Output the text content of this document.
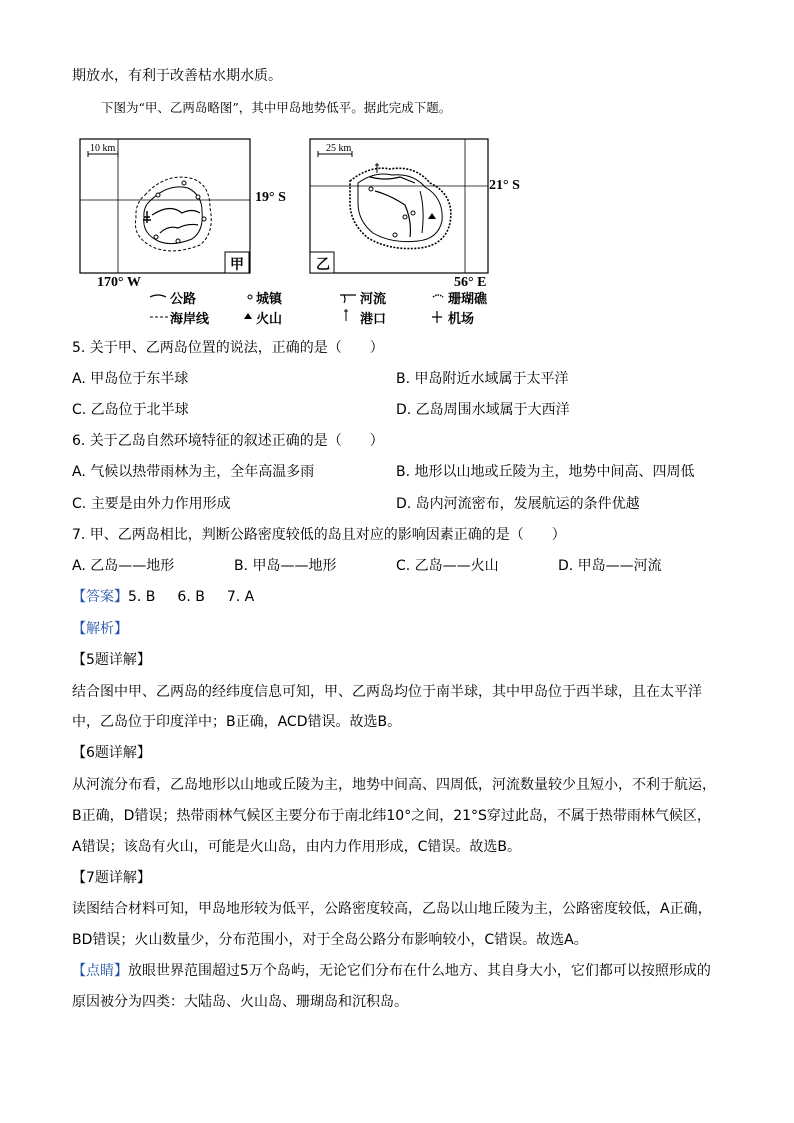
期放水，有利于改善枯水期水质。
下图为“甲、乙两岛略图”，其中甲岛地势低平。据此完成下题。
10 km
19° S
170° W
甲
25 km
21° S
56° E
乙
公路	城镇	河流	珊瑚礁
海岸线	火山	港口	机场
5. 关于甲、乙两岛位置的说法，正确的是（　　）
A. 甲岛位于东半球	B. 甲岛附近水域属于太平洋
C. 乙岛位于北半球	D. 乙岛周围水域属于大西洋
6. 关于乙岛自然环境特征的叙述正确的是（　　）
A. 气候以热带雨林为主，全年高温多雨	B. 地形以山地或丘陵为主，地势中间高、四周低
C. 主要是由外力作用形成	D. 岛内河流密布，发展航运的条件优越
7. 甲、乙两岛相比，判断公路密度较低的岛且对应的影响因素正确的是（　　）
A. 乙岛——地形	B. 甲岛——地形	C. 乙岛——火山	D. 甲岛——河流
【答案】5. B 6. B 7. A
【解析】
【5题详解】
结合图中甲、乙两岛的经纬度信息可知，甲、乙两岛均位于南半球，其中甲岛位于西半球，且在太平洋
中，乙岛位于印度洋中；B正确，ACD错误。故选B。
【6题详解】
从河流分布看，乙岛地形以山地或丘陵为主，地势中间高、四周低，河流数量较少且短小，不利于航运，
B正确，D错误；热带雨林气候区主要分布于南北纬10°之间，21°S穿过此岛，不属于热带雨林气候区，
A错误；该岛有火山，可能是火山岛，由内力作用形成，C错误。故选B。
【7题详解】
读图结合材料可知，甲岛地形较为低平，公路密度较高，乙岛以山地丘陵为主，公路密度较低，A正确，
BD错误；火山数量少，分布范围小，对于全岛公路分布影响较小，C错误。故选A。
【点睛】放眼世界范围超过5万个岛屿，无论它们分布在什么地方、其自身大小，它们都可以按照形成的
原因被分为四类：大陆岛、火山岛、珊瑚岛和沉积岛。
